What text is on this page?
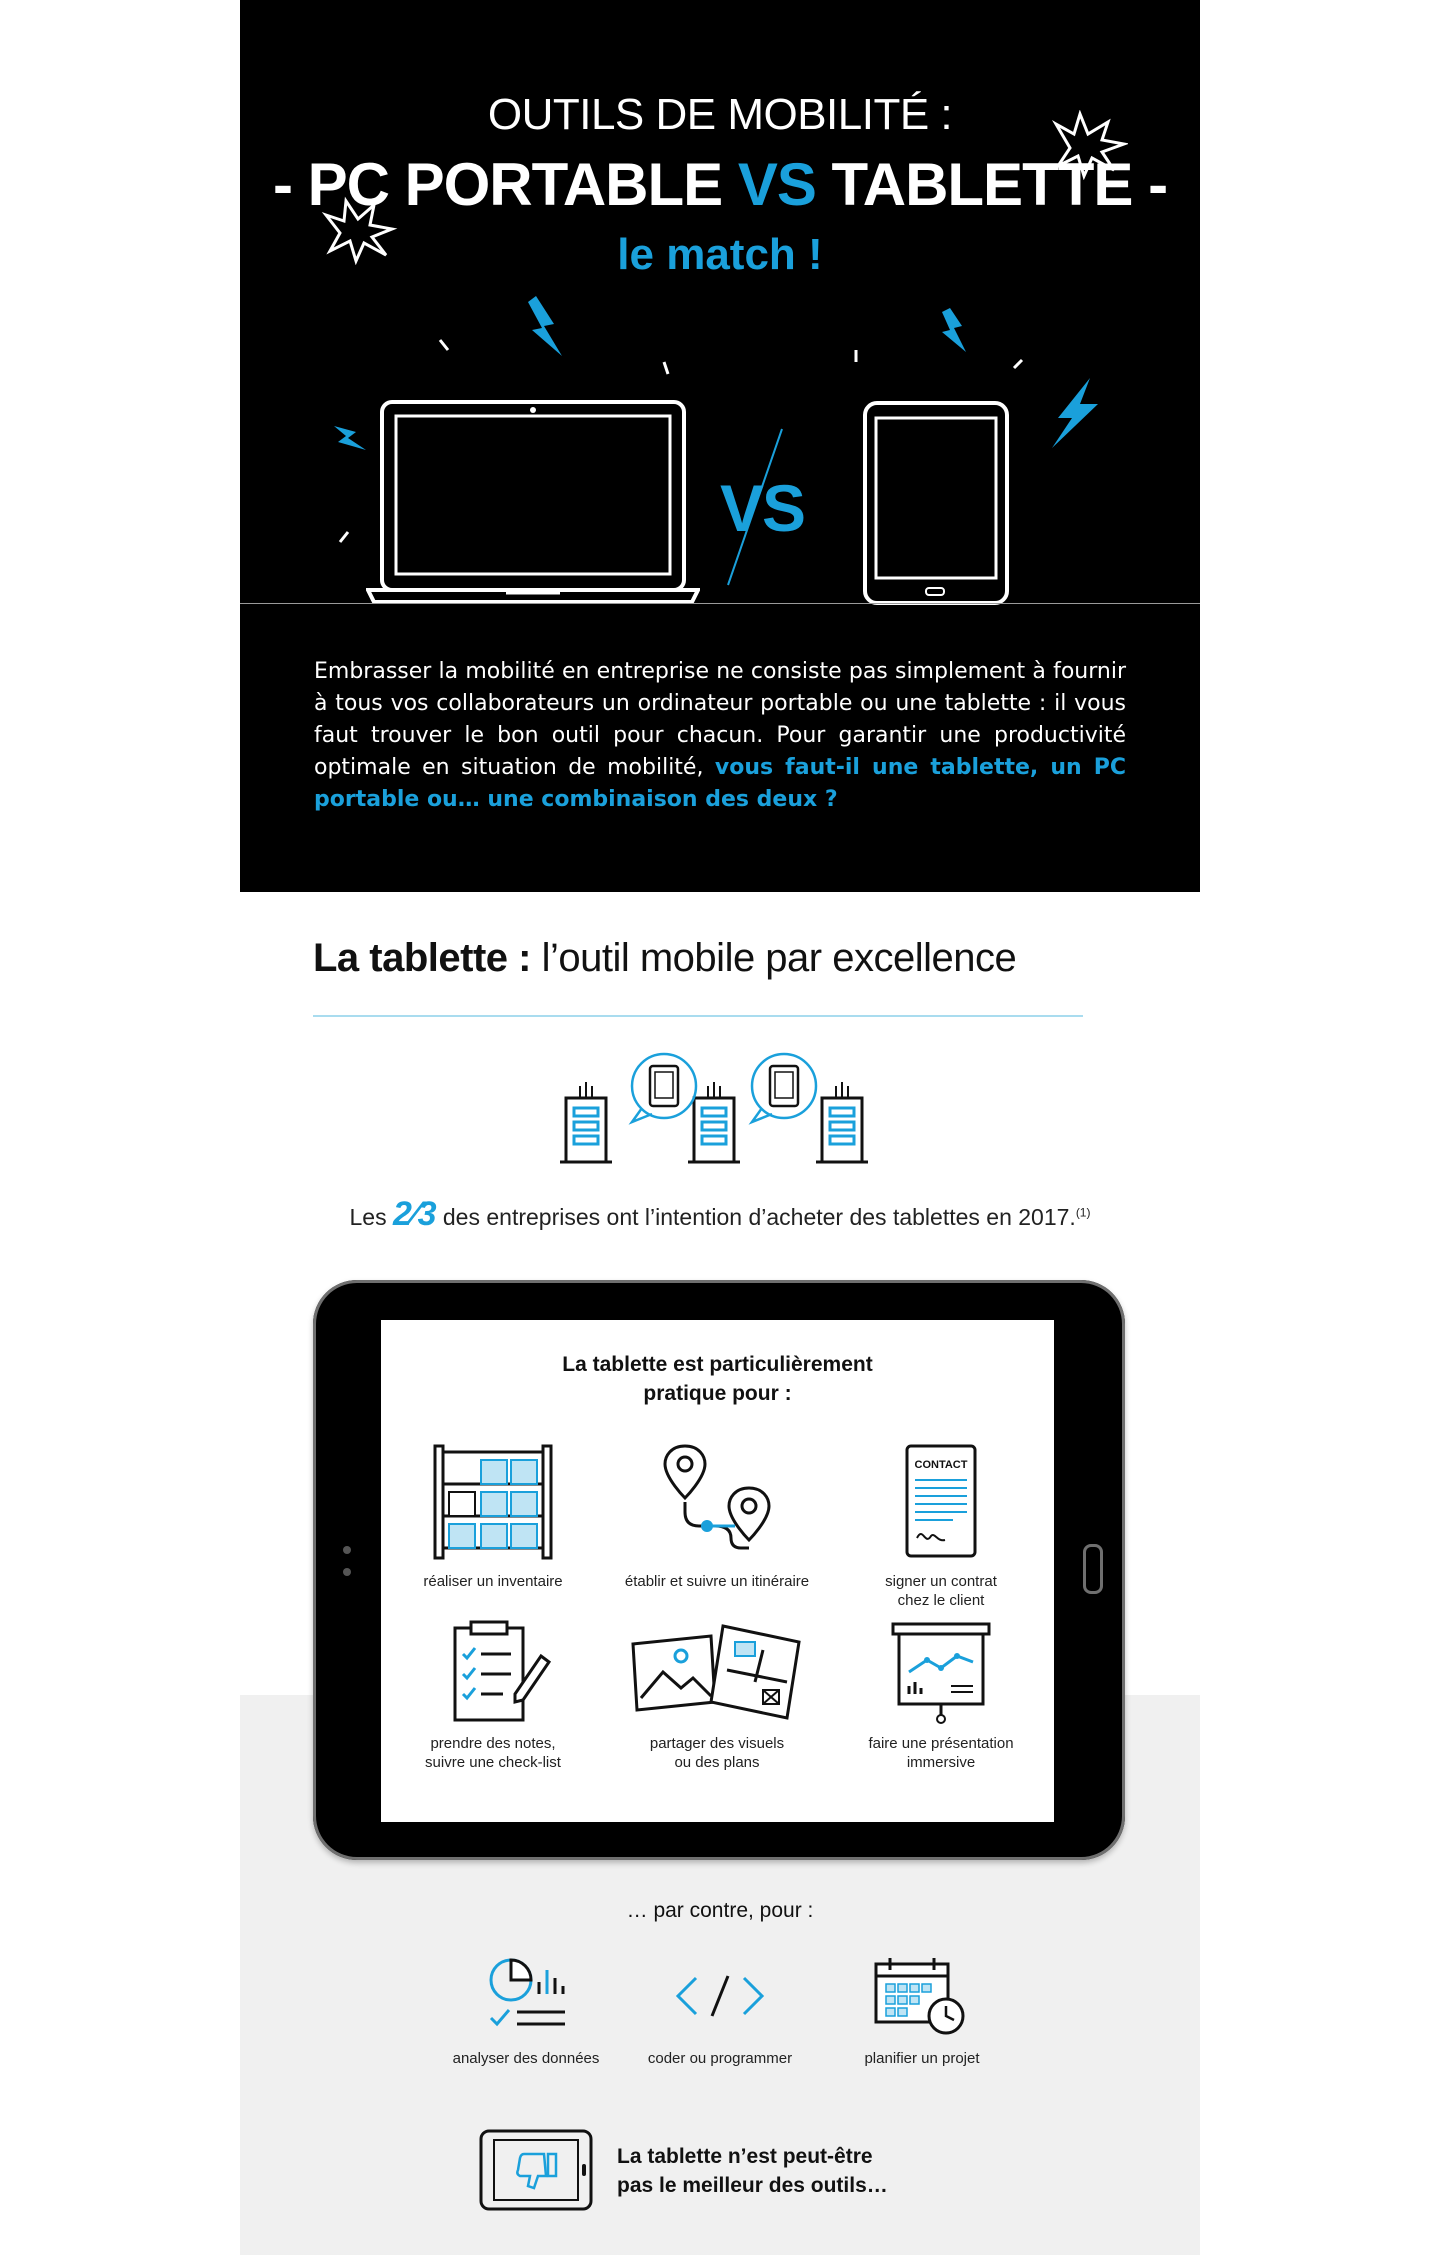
OUTILS DE MOBILITÉ :
- PC PORTABLE VS TABLETTE -
le match !
VS

Embrasser la mobilité en entreprise ne consiste pas simplement à fournir à tous vos collaborateurs un ordinateur portable ou une tablette : il vous faut trouver le bon outil pour chacun. Pour garantir une productivité optimale en situation de mobilité, vous faut-il une tablette, un PC portable ou… une combinaison des deux ?

La tablette : l’outil mobile par excellence
Les 2⁄3 des entreprises ont l’intention d’acheter des tablettes en 2017.$^{(1)}$
La tablette est particulièrement pratique pour :
réaliser un inventaire	établir et suivre un itinéraire
CONTACT
signer un contrat
chez le client
prendre des notes,
suivre une check-list
partager des visuels
ou des plans
faire une présentation
immersive
… par contre, pour :
analyser des données	coder ou programmer	planifier un projet
La tablette n’est peut-être
pas le meilleur des outils…
